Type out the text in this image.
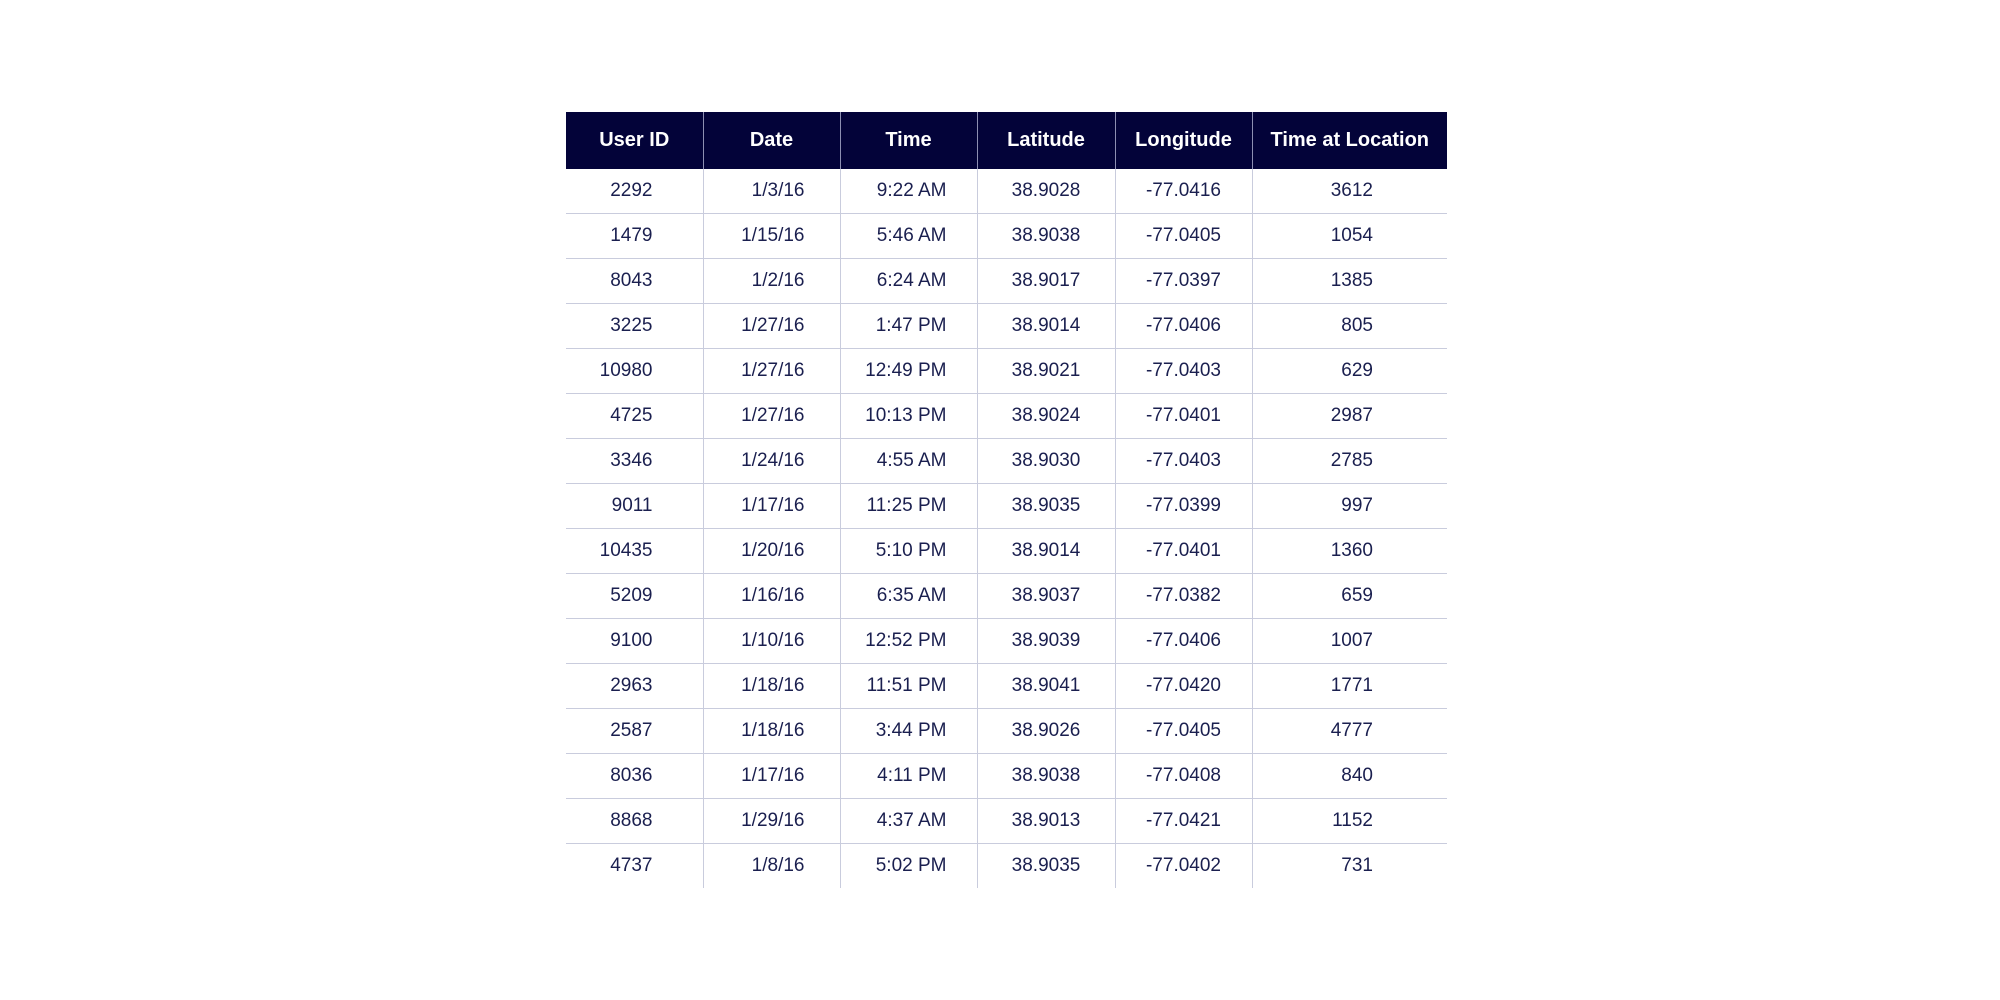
User ID	Date	Time	Latitude	Longitude	Time at Location
2292	1/3/16	9:22 AM	38.9028	-77.0416	3612
1479	1/15/16	5:46 AM	38.9038	-77.0405	1054
8043	1/2/16	6:24 AM	38.9017	-77.0397	1385
3225	1/27/16	1:47 PM	38.9014	-77.0406	805
10980	1/27/16	12:49 PM	38.9021	-77.0403	629
4725	1/27/16	10:13 PM	38.9024	-77.0401	2987
3346	1/24/16	4:55 AM	38.9030	-77.0403	2785
9011	1/17/16	11:25 PM	38.9035	-77.0399	997
10435	1/20/16	5:10 PM	38.9014	-77.0401	1360
5209	1/16/16	6:35 AM	38.9037	-77.0382	659
9100	1/10/16	12:52 PM	38.9039	-77.0406	1007
2963	1/18/16	11:51 PM	38.9041	-77.0420	1771
2587	1/18/16	3:44 PM	38.9026	-77.0405	4777
8036	1/17/16	4:11 PM	38.9038	-77.0408	840
8868	1/29/16	4:37 AM	38.9013	-77.0421	1152
4737	1/8/16	5:02 PM	38.9035	-77.0402	731
